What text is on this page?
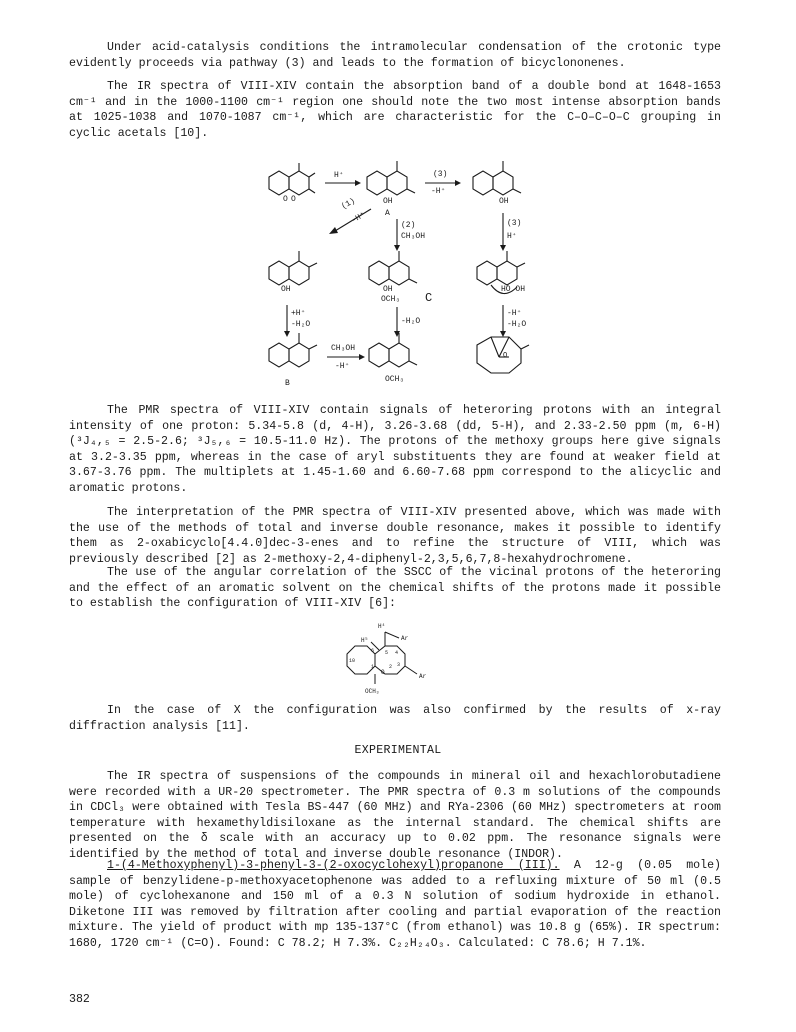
Under acid-catalysis conditions the intramolecular condensation of the crotonic type evidently proceeds via pathway (3) and leads to the formation of bicyclononenes.

The IR spectra of VIII-XIV contain the absorption band of a double bond at 1648-1653 cm⁻¹ and in the 1000-1100 cm⁻¹ region one should note the two most intense absorption bands at 1025-1038 and 1070-1087 cm⁻¹, which are characteristic for the C–O–C–O–C grouping in cyclic acetals [10].

O O
H⁺
OH
A
(3)
-H⁺
OH
(1)
-H⁺	(2)
CH₃OH
(3)
H⁺
OH	OH
OCH₃ C
HO OH
+H⁺
-H₂O	-H₂O
-H⁺
-H₂O
B
CH₃OH
-H⁺
OCH₃
O

The PMR spectra of VIII-XIV contain signals of heteroring protons with an integral intensity of one proton: 5.34-5.8 (d, 4-H), 3.26-3.68 (dd, 5-H), and 2.33-2.50 ppm (m, 6-H) (³J₄,₅ = 2.5-2.6; ³J₅,₆ = 10.5-11.0 Hz). The protons of the methoxy groups here give signals at 3.2-3.35 ppm, whereas in the case of aryl substituents they are found at weaker field at 3.67-3.76 ppm. The multiplets at 1.45-1.60 and 6.60-7.68 ppm correspond to the alicyclic and aromatic protons.

The interpretation of the PMR spectra of VIII-XIV presented above, which was made with the use of the methods of total and inverse double resonance, makes it possible to identify them as 2-oxabicyclo[4.4.0]dec-3-enes and to refine the structure of VIII, which was previously described [2] as 2-methoxy-2,4-diphenyl-2,3,5,6,7,8-hexahydrochromene.

The use of the angular correlation of the SSCC of the vicinal protons of the heteroring and the effect of an aromatic solvent on the chemical shifts of the protons made it possible to establish the configuration of VIII-XIV [6]:

H⁴
H⁵	Ar
Ar
OCH₃
10
6 5 4
3
2
1
O

In the case of X the configuration was also confirmed by the results of x-ray diffraction analysis [11].

EXPERIMENTAL

The IR spectra of suspensions of the compounds in mineral oil and hexachlorobutadiene were recorded with a UR-20 spectrometer. The PMR spectra of 0.3 m solutions of the compounds in CDCl₃ were obtained with Tesla BS-447 (60 MHz) and RYa-2306 (60 MHz) spectrometers at room temperature with hexamethyldisiloxane as the internal standard. The chemical shifts are presented on the δ scale with an accuracy up to 0.02 ppm. The resonance signals were identified by the method of total and inverse double resonance (INDOR).

1-(4-Methoxyphenyl)-3-phenyl-3-(2-oxocyclohexyl)propanone (III). A 12-g (0.05 mole) sample of benzylidene-p-methoxyacetophenone was added to a refluxing mixture of 50 ml (0.5 mole) of cyclohexanone and 150 ml of a 0.3 N solution of sodium hydroxide in ethanol. Diketone III was removed by filtration after cooling and partial evaporation of the reaction mixture. The yield of product with mp 135-137°C (from ethanol) was 10.8 g (65%). IR spectrum: 1680, 1720 cm⁻¹ (C=O). Found: C 78.2; H 7.3%. C₂₂H₂₄O₃. Calculated: C 78.6; H 7.1%.

382
